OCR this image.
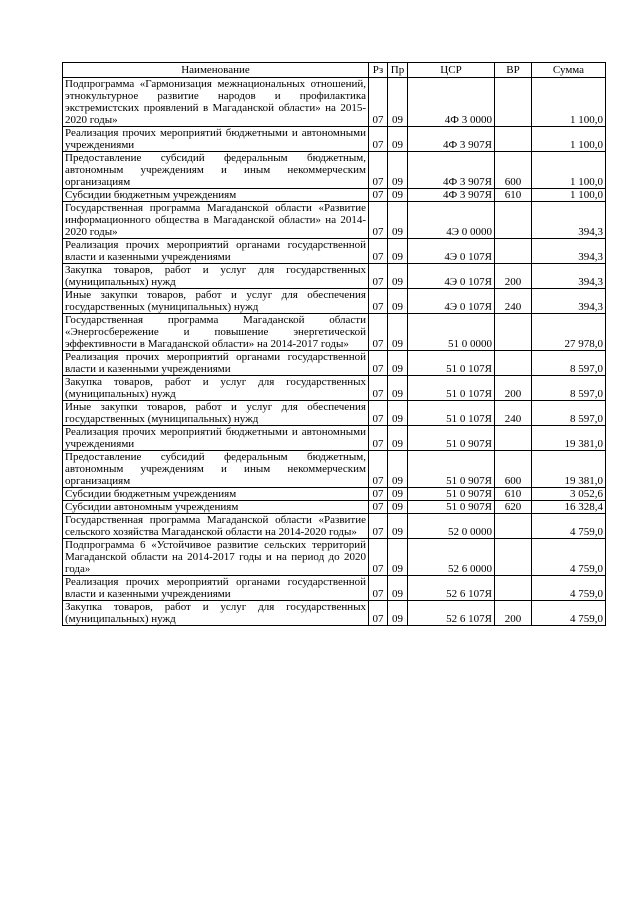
Наименование	Рз	Пр	ЦСР	ВР	Сумма
Подпрограмма «Гармонизация межнациональных отношений, этнокультурное развитие народов и профилактика экстремистских проявлений в Магаданской области» на 2015-2020 годы»	07	09	4Ф 3 0000		1 100,0
Реализация прочих мероприятий бюджетными и автономными учреждениями	07	09	4Ф 3 907Я		1 100,0
Предоставление субсидий федеральным бюджетным, автономным учреждениям и иным некоммерческим организациям	07	09	4Ф 3 907Я	600	1 100,0
Субсидии бюджетным учреждениям	07	09	4Ф 3 907Я	610	1 100,0
Государственная программа Магаданской области «Развитие информационного общества в Магаданской области» на 2014-2020 годы»	07	09	4Э 0 0000		394,3
Реализация прочих мероприятий органами государственной власти и казенными учреждениями	07	09	4Э 0 107Я		394,3
Закупка товаров, работ и услуг для государственных (муниципальных) нужд	07	09	4Э 0 107Я	200	394,3
Иные закупки товаров, работ и услуг для обеспечения государственных (муниципальных) нужд	07	09	4Э 0 107Я	240	394,3
Государственная программа Магаданской области «Энергосбережение и повышение энергетической эффективности в Магаданской области» на 2014-2017 годы»	07	09	51 0 0000		27 978,0
Реализация прочих мероприятий органами государственной власти и казенными учреждениями	07	09	51 0 107Я		8 597,0
Закупка товаров, работ и услуг для государственных (муниципальных) нужд	07	09	51 0 107Я	200	8 597,0
Иные закупки товаров, работ и услуг для обеспечения государственных (муниципальных) нужд	07	09	51 0 107Я	240	8 597,0
Реализация прочих мероприятий бюджетными и автономными учреждениями	07	09	51 0 907Я		19 381,0
Предоставление субсидий федеральным бюджетным, автономным учреждениям и иным некоммерческим организациям	07	09	51 0 907Я	600	19 381,0
Субсидии бюджетным учреждениям	07	09	51 0 907Я	610	3 052,6
Субсидии автономным учреждениям	07	09	51 0 907Я	620	16 328,4
Государственная программа Магаданской области «Развитие сельского хозяйства Магаданской области на 2014-2020 годы»	07	09	52 0 0000		4 759,0
Подпрограмма 6 «Устойчивое развитие сельских территорий Магаданской области на 2014-2017 годы и на период до 2020 года»	07	09	52 6 0000		4 759,0
Реализация прочих мероприятий органами государственной власти и казенными учреждениями	07	09	52 6 107Я		4 759,0
Закупка товаров, работ и услуг для государственных (муниципальных) нужд	07	09	52 6 107Я	200	4 759,0
